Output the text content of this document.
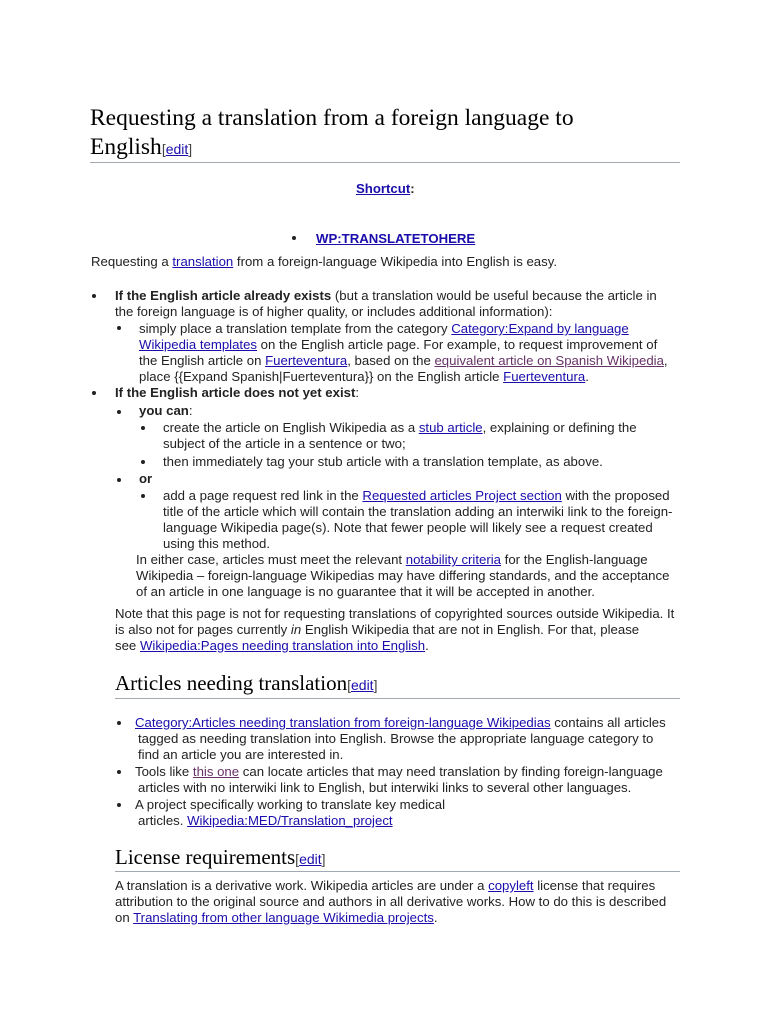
Requesting a translation from a foreign language to English[edit]
Shortcut:
WP:TRANSLATETOHERE
Requesting a translation from a foreign-language Wikipedia into English is easy.
If the English article already exists (but a translation would be useful because the article in
the foreign language is of higher quality, or includes additional information):
simply place a translation template from the category Category:Expand by language
Wikipedia templates on the English article page. For example, to request improvement of
the English article on Fuerteventura, based on the equivalent article on Spanish Wikipedia,
place {{Expand Spanish|Fuerteventura}} on the English article Fuerteventura.
If the English article does not yet exist:
you can:
create the article on English Wikipedia as a stub article, explaining or defining the
subject of the article in a sentence or two;
then immediately tag your stub article with a translation template, as above.
or
add a page request red link in the Requested articles Project section with the proposed
title of the article which will contain the translation adding an interwiki link to the foreign-
language Wikipedia page(s). Note that fewer people will likely see a request created
using this method.
In either case, articles must meet the relevant notability criteria for the English-language
Wikipedia – foreign-language Wikipedias may have differing standards, and the acceptance
of an article in one language is no guarantee that it will be accepted in another.
Note that this page is not for requesting translations of copyrighted sources outside Wikipedia. It
is also not for pages currently in English Wikipedia that are not in English. For that, please
see Wikipedia:Pages needing translation into English.
Articles needing translation[edit]
Category:Articles needing translation from foreign-language Wikipedias contains all articles
tagged as needing translation into English. Browse the appropriate language category to
find an article you are interested in.
Tools like this one can locate articles that may need translation by finding foreign-language
articles with no interwiki link to English, but interwiki links to several other languages.
A project specifically working to translate key medical
articles. Wikipedia:MED/Translation_project
License requirements[edit]
A translation is a derivative work. Wikipedia articles are under a copyleft license that requires
attribution to the original source and authors in all derivative works. How to do this is described
on Translating from other language Wikimedia projects.
